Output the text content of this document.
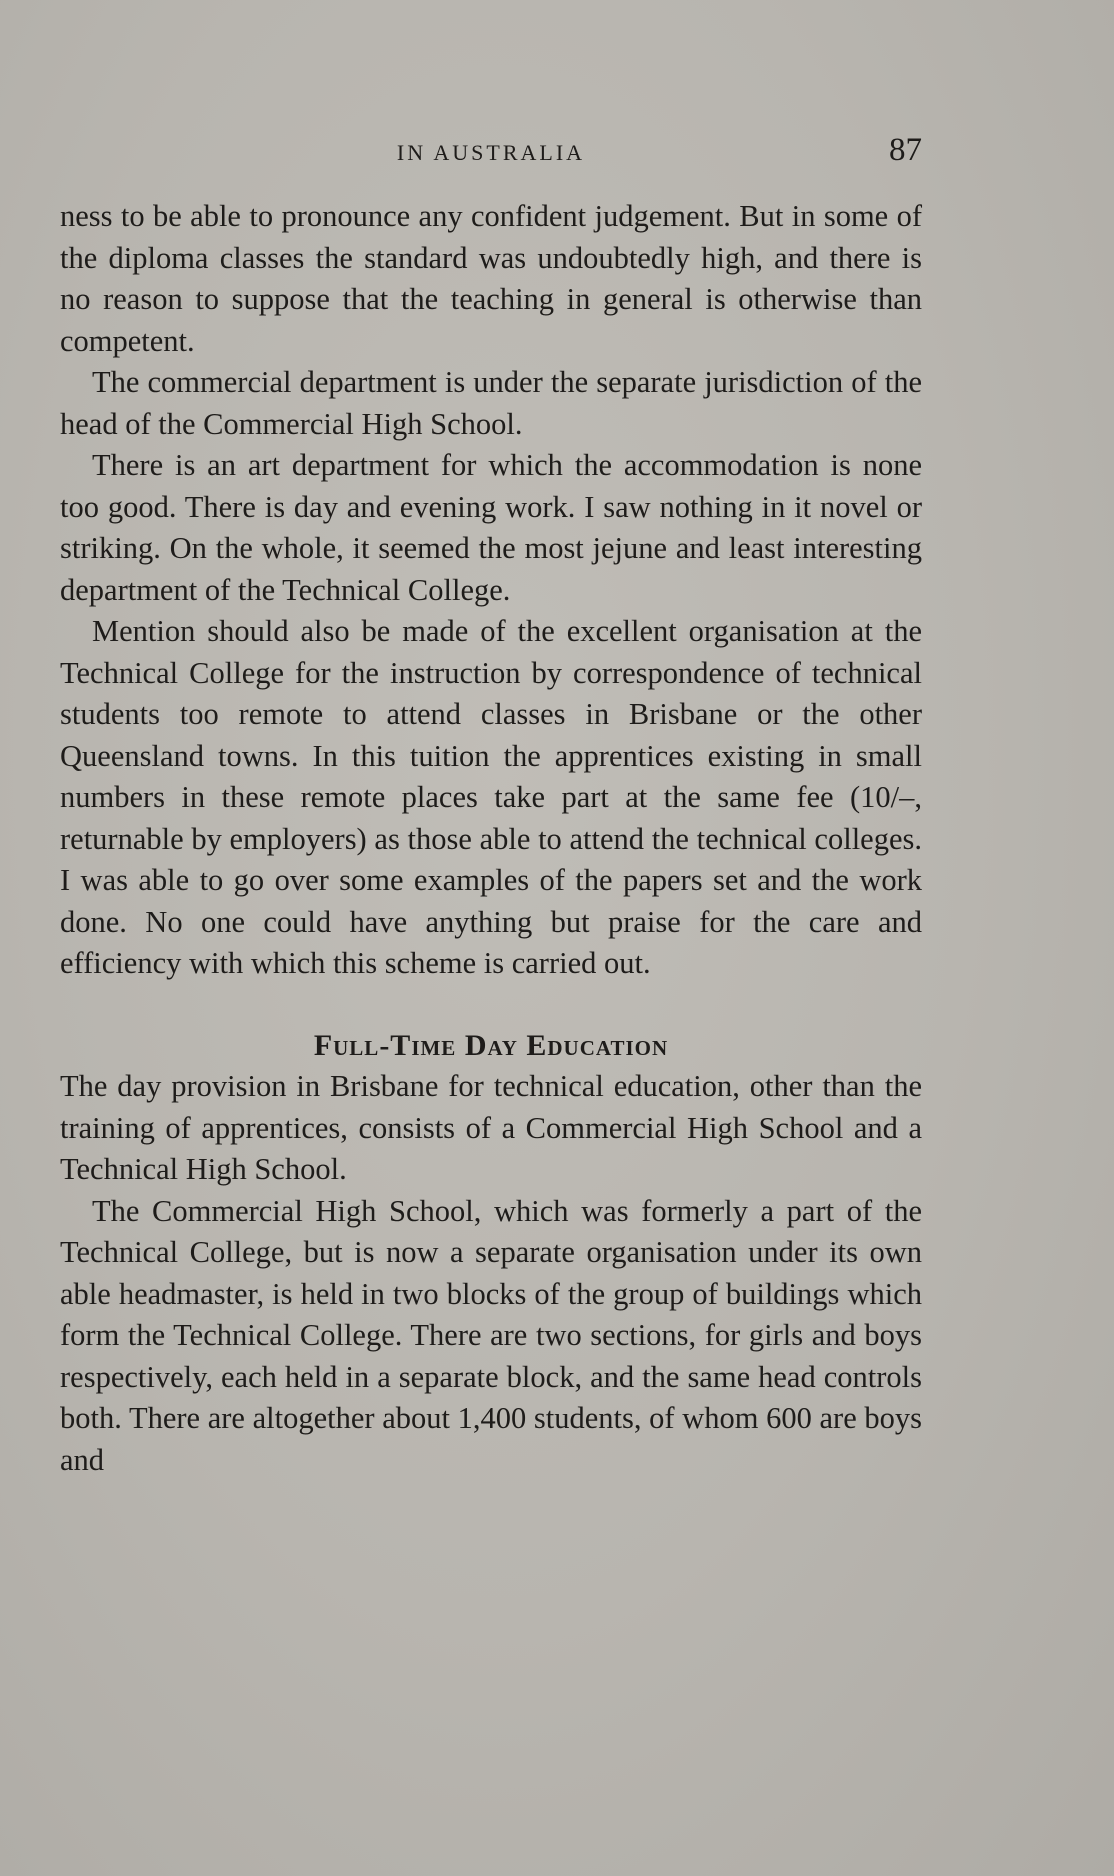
IN AUSTRALIA	87

ness to be able to pronounce any confident judgement. But in some of the diploma classes the standard was undoubtedly high, and there is no reason to suppose that the teaching in general is otherwise than competent.

The commercial department is under the separate jurisdiction of the head of the Commercial High School.

There is an art department for which the accommodation is none too good. There is day and evening work. I saw nothing in it novel or striking. On the whole, it seemed the most jejune and least interesting department of the Technical College.

Mention should also be made of the excellent organisation at the Technical College for the instruction by correspondence of technical students too remote to attend classes in Brisbane or the other Queensland towns. In this tuition the apprentices existing in small numbers in these remote places take part at the same fee (10/–, returnable by employers) as those able to attend the technical colleges. I was able to go over some examples of the papers set and the work done. No one could have anything but praise for the care and efficiency with which this scheme is carried out.

Full-Time Day Education

The day provision in Brisbane for technical education, other than the training of apprentices, consists of a Commercial High School and a Technical High School.

The Commercial High School, which was formerly a part of the Technical College, but is now a separate organisation under its own able headmaster, is held in two blocks of the group of buildings which form the Technical College. There are two sections, for girls and boys respectively, each held in a separate block, and the same head controls both. There are altogether about 1,400 students, of whom 600 are boys and
